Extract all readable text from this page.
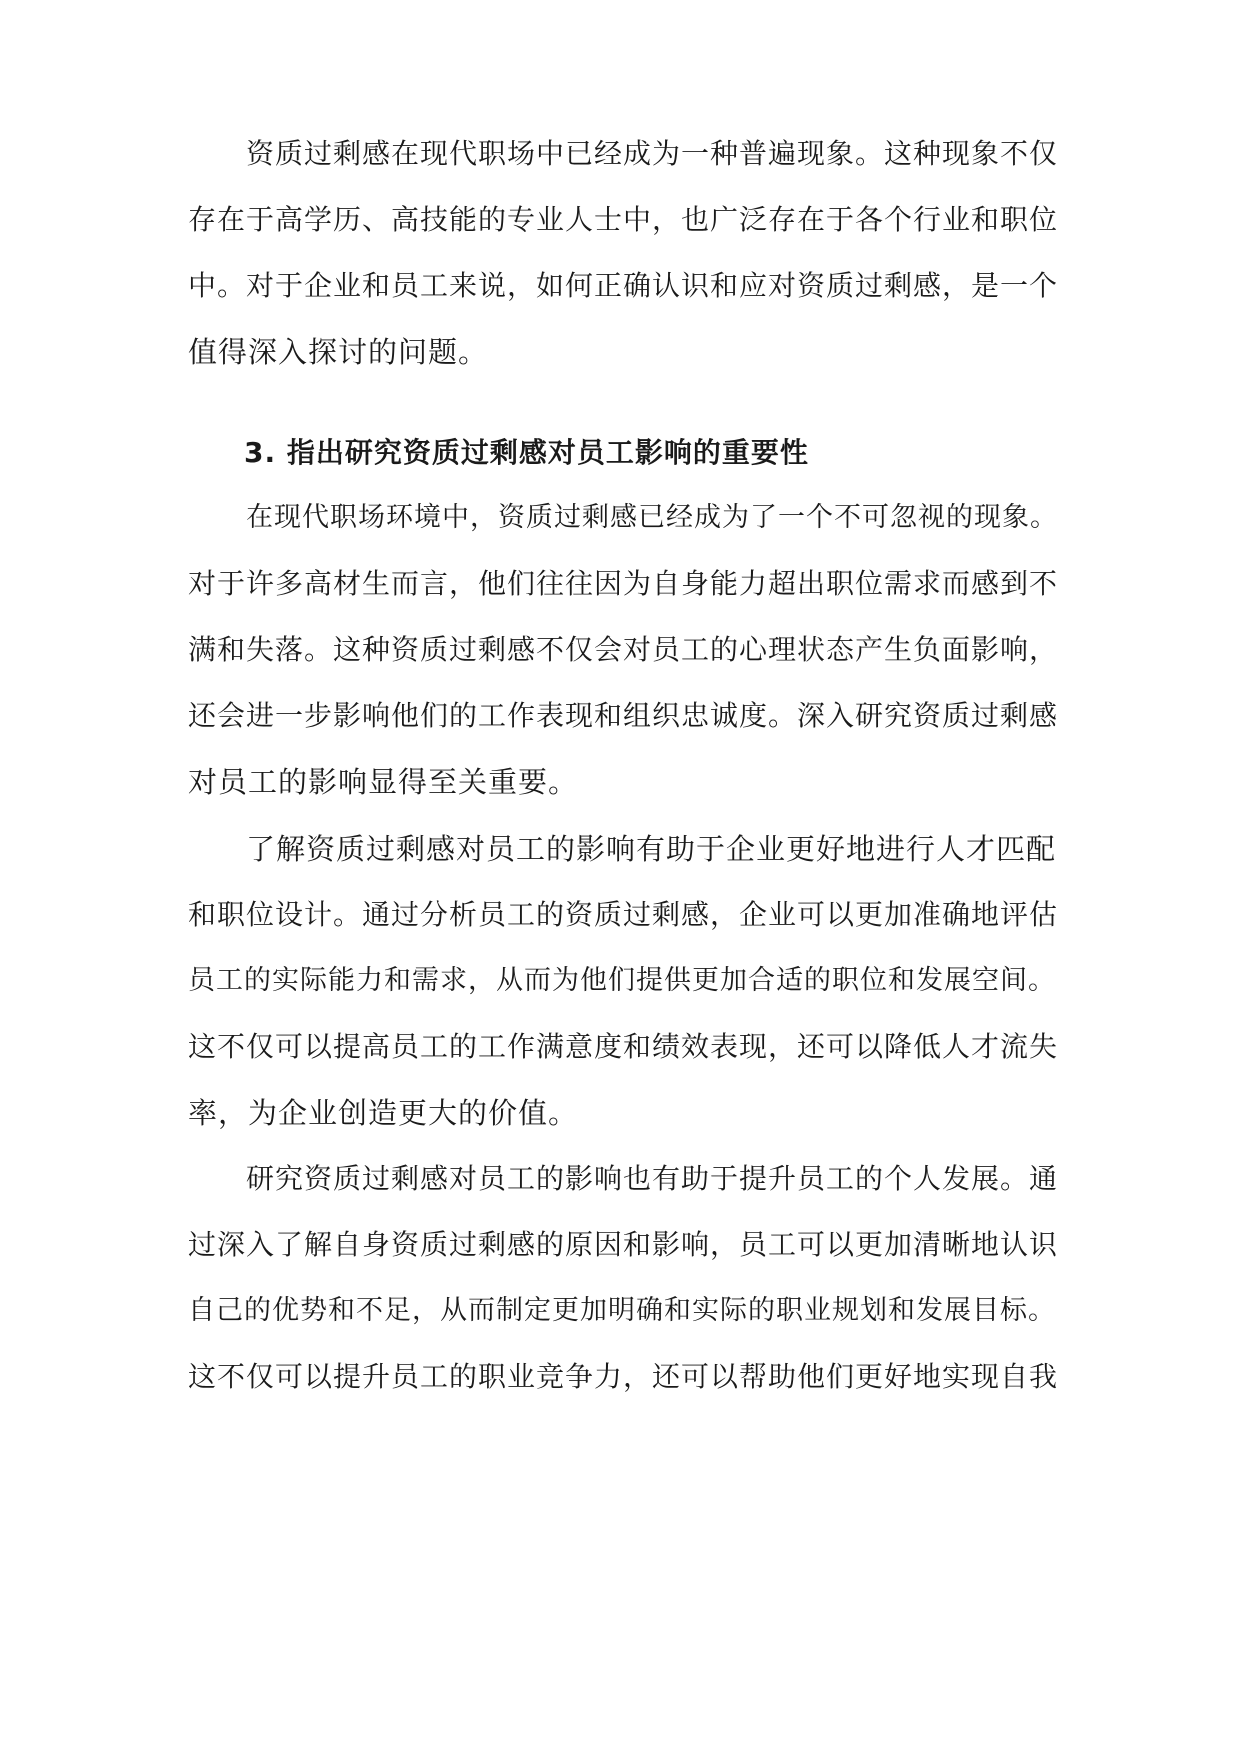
资质过剩感在现代职场中已经成为一种普遍现象。这种现象不仅
存在于高学历、高技能的专业人士中，也广泛存在于各个行业和职位
中。对于企业和员工来说，如何正确认识和应对资质过剩感，是一个
值得深入探讨的问题。
3. 指出研究资质过剩感对员工影响的重要性
在现代职场环境中，资质过剩感已经成为了一个不可忽视的现象。
对于许多高材生而言，他们往往因为自身能力超出职位需求而感到不
满和失落。这种资质过剩感不仅会对员工的心理状态产生负面影响，
还会进一步影响他们的工作表现和组织忠诚度。深入研究资质过剩感
对员工的影响显得至关重要。
了解资质过剩感对员工的影响有助于企业更好地进行人才匹配
和职位设计。通过分析员工的资质过剩感，企业可以更加准确地评估
员工的实际能力和需求，从而为他们提供更加合适的职位和发展空间。
这不仅可以提高员工的工作满意度和绩效表现，还可以降低人才流失
率，为企业创造更大的价值。
研究资质过剩感对员工的影响也有助于提升员工的个人发展。通
过深入了解自身资质过剩感的原因和影响，员工可以更加清晰地认识
自己的优势和不足，从而制定更加明确和实际的职业规划和发展目标。
这不仅可以提升员工的职业竞争力，还可以帮助他们更好地实现自我
